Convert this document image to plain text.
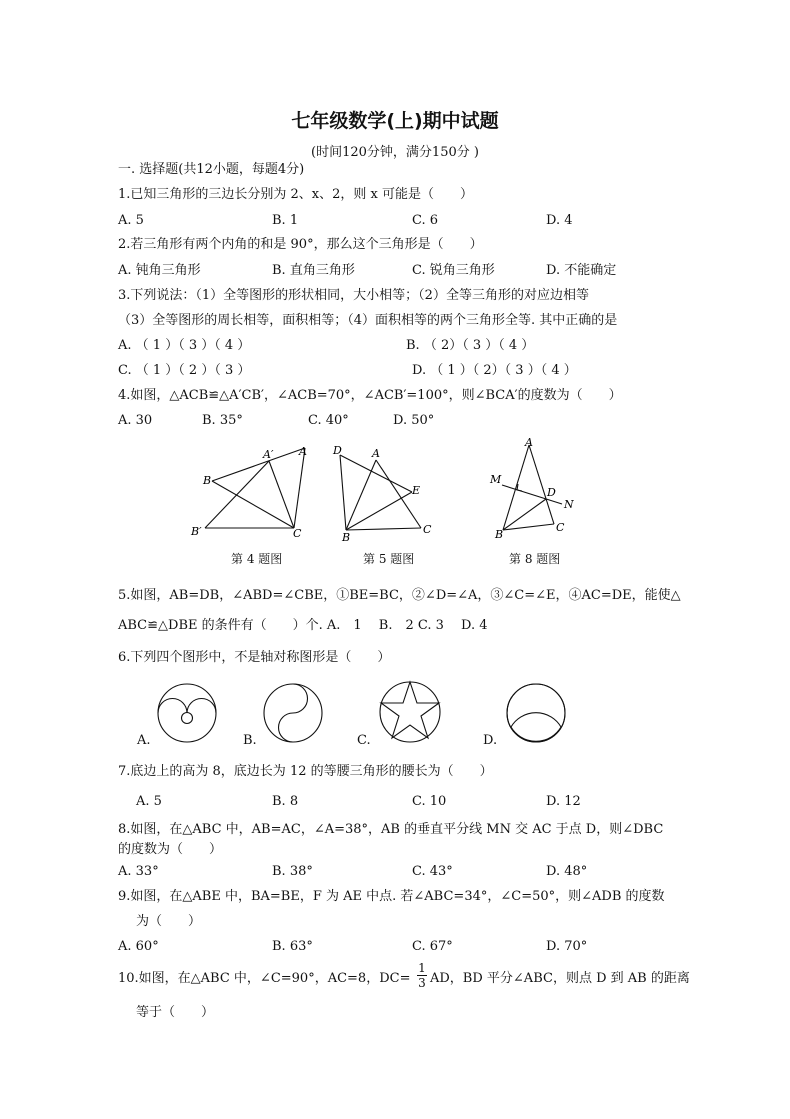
七年级数学(上)期中试题
(时间120分钟，满分150分 )
一. 选择题(共12小题，每题4分)
1.已知三角形的三边长分别为 2、x、2，则 x 可能是（　　）
A. 5	B. 1	C. 6	D. 4
2.若三角形有两个内角的和是 90°，那么这个三角形是（　　）
A. 钝角三角形	B. 直角三角形	C. 锐角三角形	D. 不能确定
3.下列说法：（1）全等图形的形状相同，大小相等；（2）全等三角形的对应边相等
（3）全等图形的周长相等，面积相等；（4）面积相等的两个三角形全等. 其中正确的是
A. （ 1 ）（ 3 ）（ 4 ）	B. （ 2）（ 3 ）（ 4 ）
C. （ 1 ）（ 2 ）（ 3 ）	D. （ 1 ）（ 2）（ 3 ）（ 4 ）
4.如图，△ACB≌△A′CB′，∠ACB=70°，∠ACB′=100°，则∠BCA′的度数为（　　）
A. 30	B. 35°	C. 40°	D. 50°
A′ A
B
B′	C
第 4 题图
D	A
E
B
C
第 5 题图
M
A
D
N
B
C
第 8 题图
5.如图，AB=DB，∠ABD=∠CBE，①BE=BC，②∠D=∠A，③∠C=∠E，④AC=DE，能使△
ABC≌△DBE 的条件有（　　）个. A.　1　 B.　2 C. 3　 D. 4
6.下列四个图形中，不是轴对称图形是（　　）
A.	B.	C.	D.
7.底边上的高为 8，底边长为 12 的等腰三角形的腰长为（　　）
A. 5	B. 8	C. 10	D. 12
8.如图，在△ABC 中，AB=AC，∠A=38°，AB 的垂直平分线 MN 交 AC 于点 D，则∠DBC
的度数为（　　）
A. 33°	B. 38°	C. 43°	D. 48°
9.如图，在△ABE 中，BA=BE，F 为 AE 中点. 若∠ABC=34°，∠C=50°，则∠ADB 的度数
为（　　）
A. 60°	B. 63°	C. 67°	D. 70°
10.如图，在△ABC 中，∠C=90°，AC=8，DC=
1
3 AD，BD 平分∠ABC，则点 D 到 AB 的距离
等于（　　）
